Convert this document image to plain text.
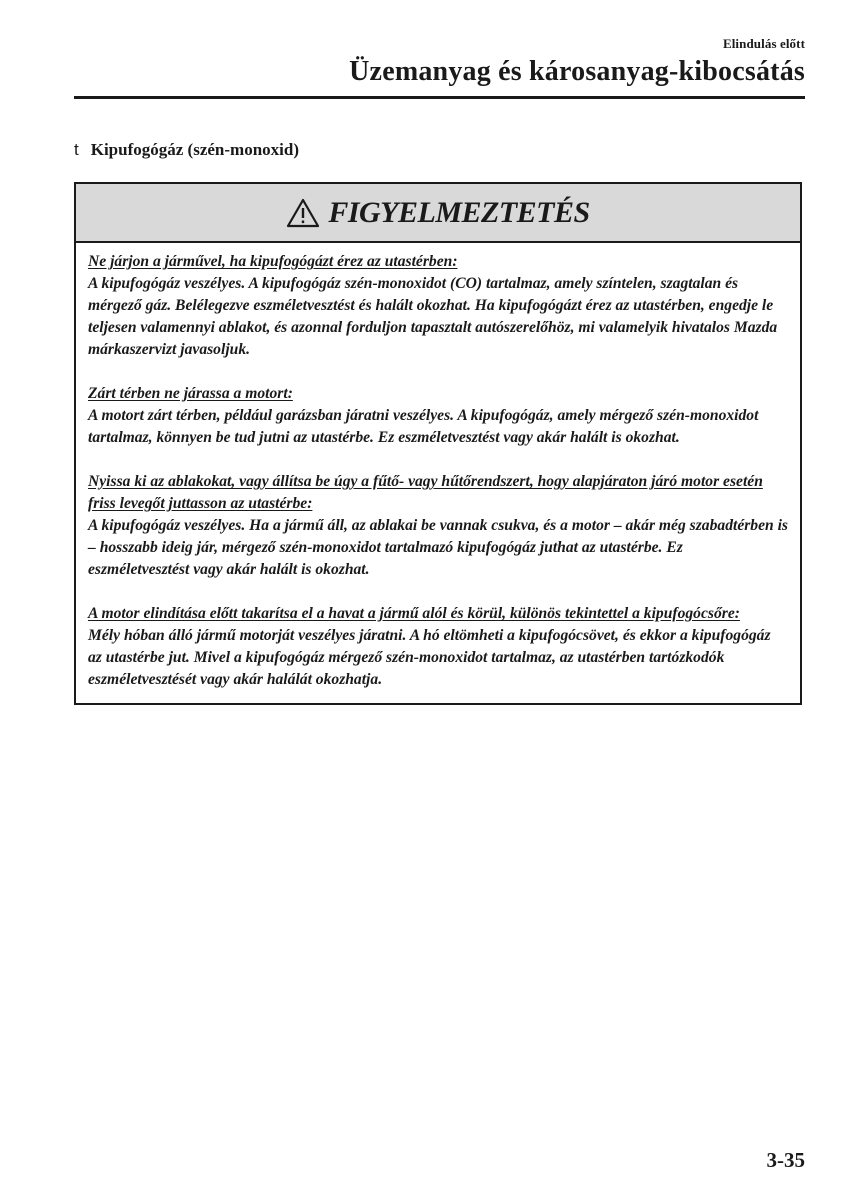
Elindulás előtt
Üzemanyag és károsanyag-kibocsátás
t Kipufogógáz (szén-monoxid)
FIGYELMEZTETÉS
Ne járjon a járművel, ha kipufogógázt érez az utastérben:
A kipufogógáz veszélyes. A kipufogógáz szén-monoxidot (CO) tartalmaz, amely színtelen, szagtalan és mérgező gáz. Belélegezve eszméletvesztést és halált okozhat. Ha kipufogógázt érez az utastérben, engedje le teljesen valamennyi ablakot, és azonnal forduljon tapasztalt autószerelőhöz, mi valamelyik hivatalos Mazda márkaszervizt javasoljuk.
Zárt térben ne járassa a motort:
A motort zárt térben, például garázsban járatni veszélyes. A kipufogógáz, amely mérgező szén-monoxidot tartalmaz, könnyen be tud jutni az utastérbe. Ez eszméletvesztést vagy akár halált is okozhat.
Nyissa ki az ablakokat, vagy állítsa be úgy a fűtő- vagy hűtőrendszert, hogy alapjáraton járó motor esetén friss levegőt juttasson az utastérbe:
A kipufogógáz veszélyes. Ha a jármű áll, az ablakai be vannak csukva, és a motor – akár még szabadtérben is – hosszabb ideig jár, mérgező szén-monoxidot tartalmazó kipufogógáz juthat az utastérbe. Ez eszméletvesztést vagy akár halált is okozhat.
A motor elindítása előtt takarítsa el a havat a jármű alól és körül, különös tekintettel a kipufogócsőre:
Mély hóban álló jármű motorját veszélyes járatni. A hó eltömheti a kipufogócsövet, és ekkor a kipufogógáz az utastérbe jut. Mivel a kipufogógáz mérgező szén-monoxidot tartalmaz, az utastérben tartózkodók eszméletvesztését vagy akár halálát okozhatja.
3-35
